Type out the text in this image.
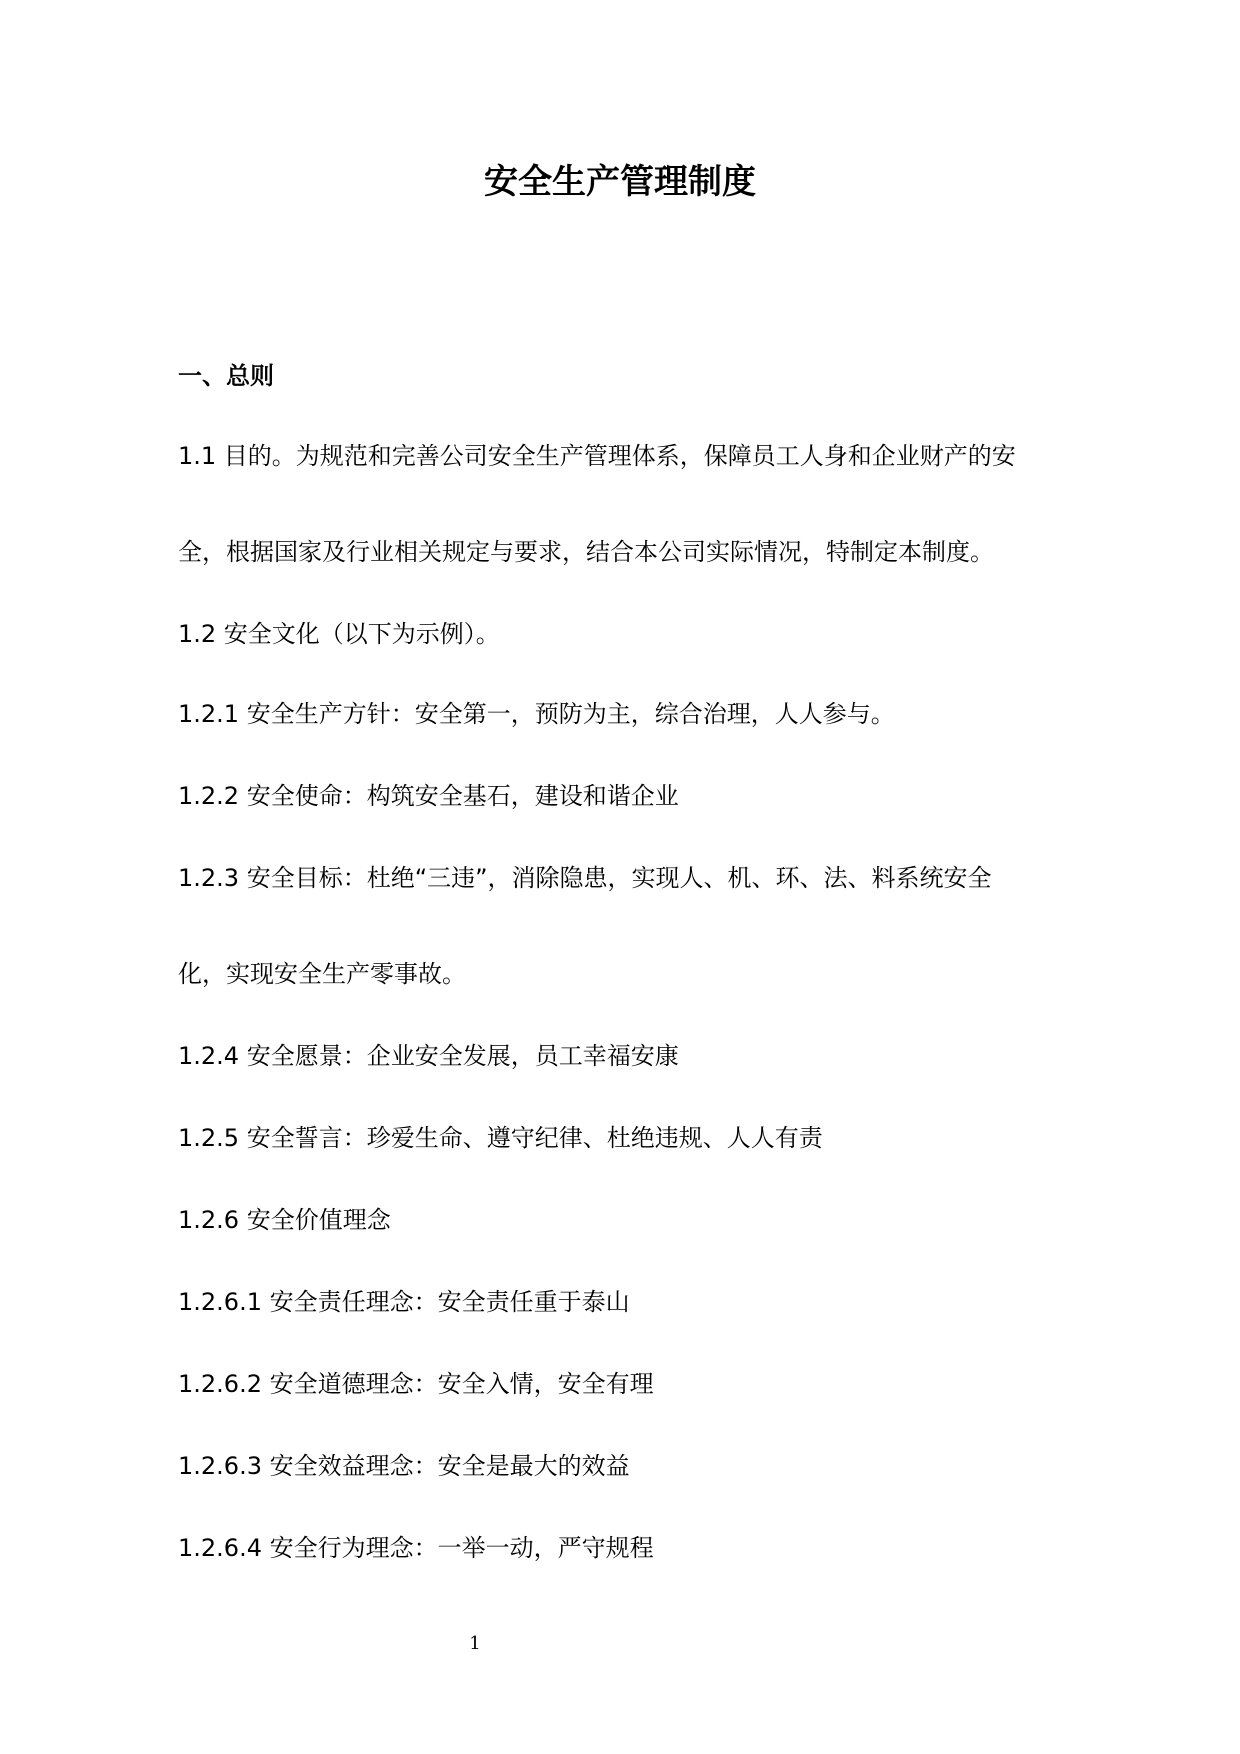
安全生产管理制度
一、总则
1.1 目的。为规范和完善公司安全生产管理体系，保障员工人身和企业财产的安
全，根据国家及行业相关规定与要求，结合本公司实际情况，特制定本制度。
1.2 安全文化（以下为示例）。
1.2.1 安全生产方针：安全第一，预防为主，综合治理，人人参与。
1.2.2 安全使命：构筑安全基石，建设和谐企业
1.2.3 安全目标：杜绝“三违”，消除隐患，实现人、机、环、法、料系统安全
化，实现安全生产零事故。
1.2.4 安全愿景：企业安全发展，员工幸福安康
1.2.5 安全誓言：珍爱生命、遵守纪律、杜绝违规、人人有责
1.2.6 安全价值理念
1.2.6.1 安全责任理念：安全责任重于泰山
1.2.6.2 安全道德理念：安全入情，安全有理
1.2.6.3 安全效益理念：安全是最大的效益
1.2.6.4 安全行为理念：一举一动，严守规程
1
